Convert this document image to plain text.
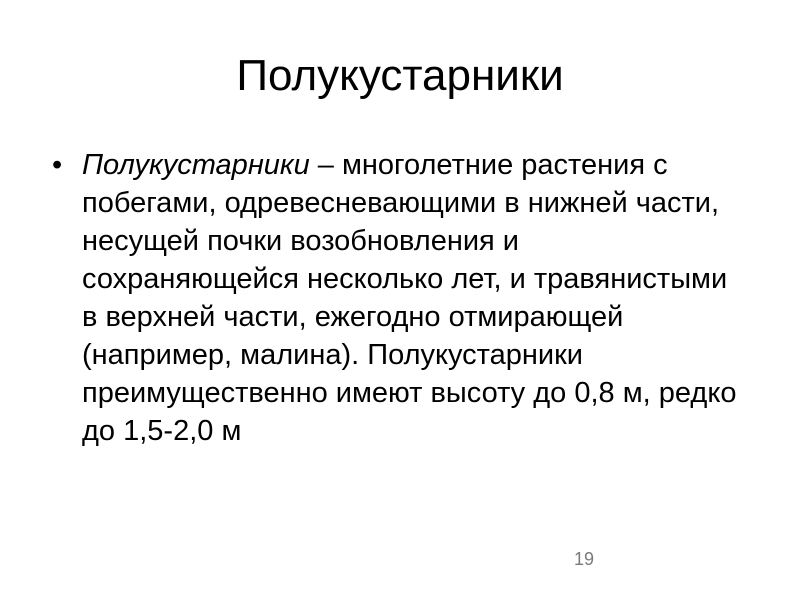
Полукустарники
• Полукустарники – многолетние растения с побегами, одревесневающими в нижней части, несущей почки возобновления и сохраняющейся несколько лет, и травянистыми в верхней части, ежегодно отмирающей (например, малина). Полукустарники преимущественно имеют высоту до 0,8 м, редко до 1,5-2,0 м
19
